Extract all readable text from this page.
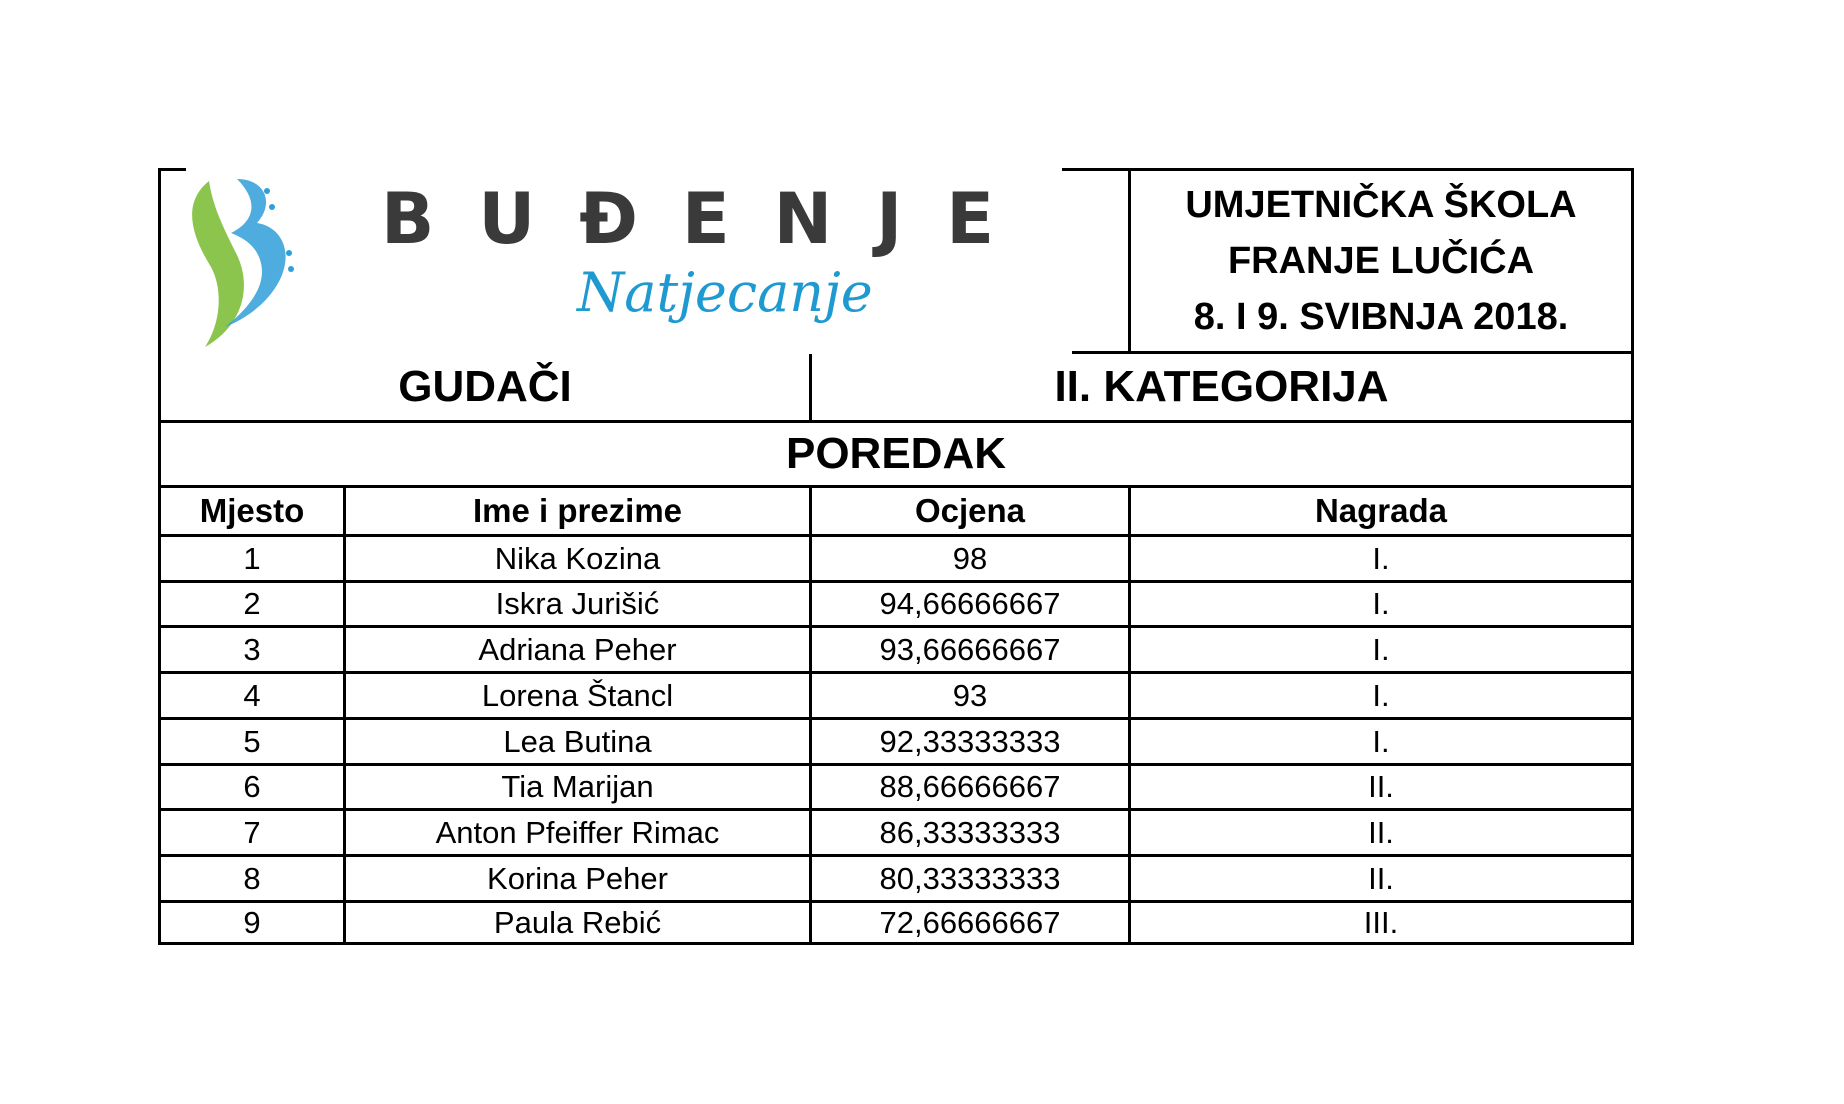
BUĐENJE
Natjecanje
UMJETNIČKA ŠKOLA
FRANJE LUČIĆA
8. I 9. SVIBNJA 2018.
GUDAČI	II. KATEGORIJA
POREDAK
Mjesto	Ime i prezime	Ocjena	Nagrada
1	Nika Kozina	98	I.
2	Iskra Jurišić	94,66666667	I.
3	Adriana Peher	93,66666667	I.
4	Lorena Štancl	93	I.
5	Lea Butina	92,33333333	I.
6	Tia Marijan	88,66666667	II.
7	Anton Pfeiffer Rimac	86,33333333	II.
8	Korina Peher	80,33333333	II.
9	Paula Rebić	72,66666667	III.
